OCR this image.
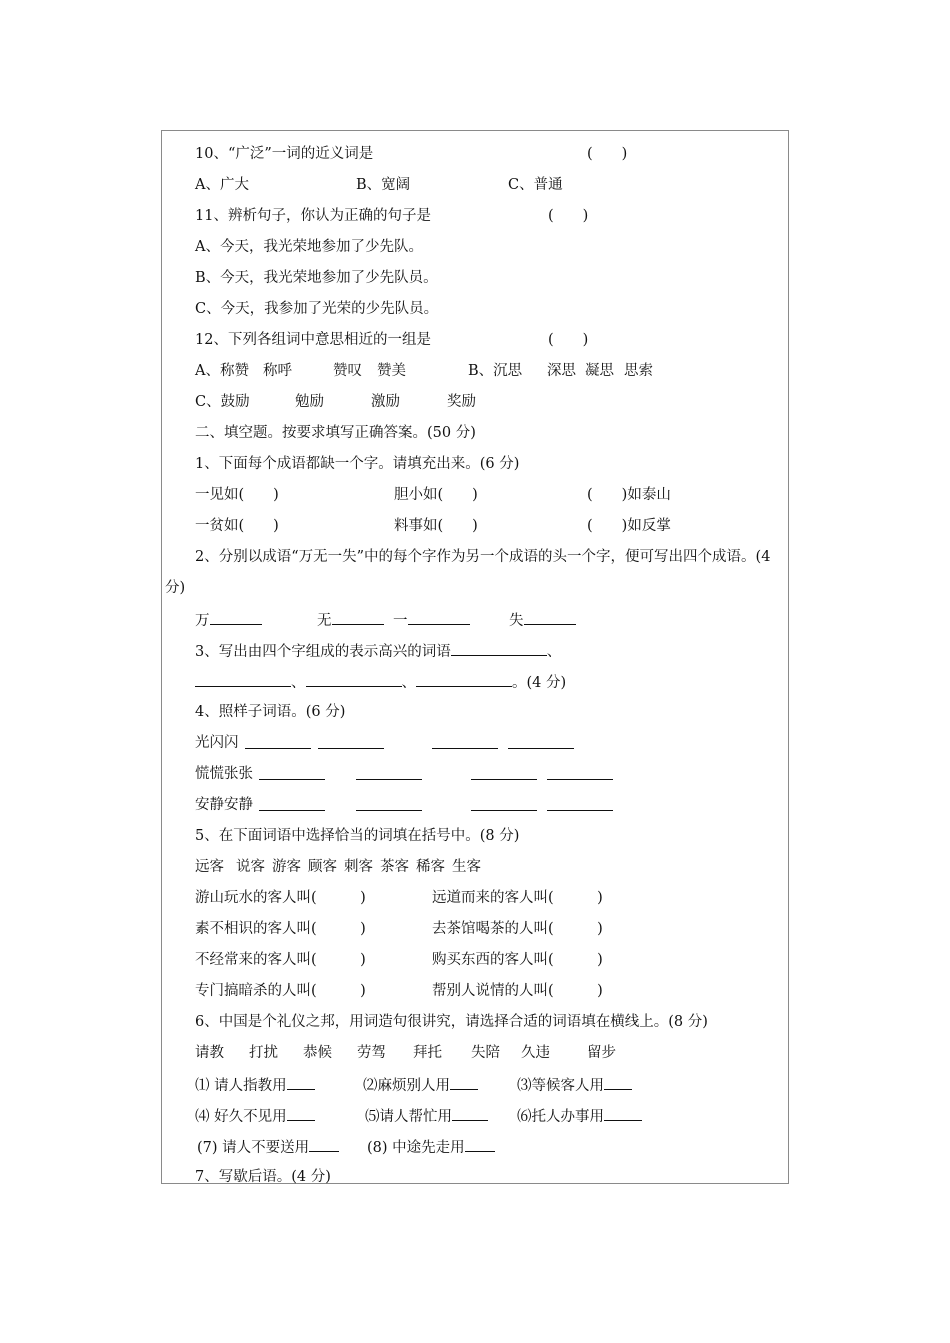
10、“广泛”一词的近义词是	(　　)
A、广大	B、宽阔	C、普通
11、辨析句子，你认为正确的句子是	(　　)
A、今天，我光荣地参加了少先队。
B、今天，我光荣地参加了少先队员。
C、今天，我参加了光荣的少先队员。
12、下列各组词中意思相近的一组是	(　　)
A、称赞 称呼	赞叹 赞美	B、沉思 深思 凝思 思索
C、鼓励	勉励	激励	奖励
二、填空题。按要求填写正确答案。(50 分)
1、下面每个成语都缺一个字。请填充出来。(6 分)
一见如(　　)	胆小如(　　)	(　　)如泰山
一贫如(　　)	料事如(　　)	(　　)如反掌
2、分别以成语“万无一失”中的每个字作为另一个成语的头一个字，便可写出四个成语。(4
分)
万	无	一	失
3、写出由四个字组成的表示高兴的词语	、
、	、	。(4 分)
4、照样子词语。(6 分)
光闪闪
慌慌张张
安静安静
5、在下面词语中选择恰当的词填在括号中。(8 分)
远客 说客 游客 顾客 刺客 茶客 稀客 生客
游山玩水的客人叫(　　　)	远道而来的客人叫(　　　)
素不相识的客人叫(　　　)	去茶馆喝茶的人叫(　　　)
不经常来的客人叫(　　　)	购买东西的客人叫(　　　)
专门搞暗杀的人叫(　　　)	帮别人说情的人叫(　　　)
6、中国是个礼仪之邦，用词造句很讲究，请选择合适的词语填在横线上。(8 分)
请教 打扰 恭候 劳驾 拜托 失陪 久违	留步
⑴ 请人指教用	⑵麻烦别人用	⑶等候客人用
⑷ 好久不见用	⑸请人帮忙用	⑹托人办事用
(7) 请人不要送用	(8) 中途先走用
7、写歇后语。(4 分)
